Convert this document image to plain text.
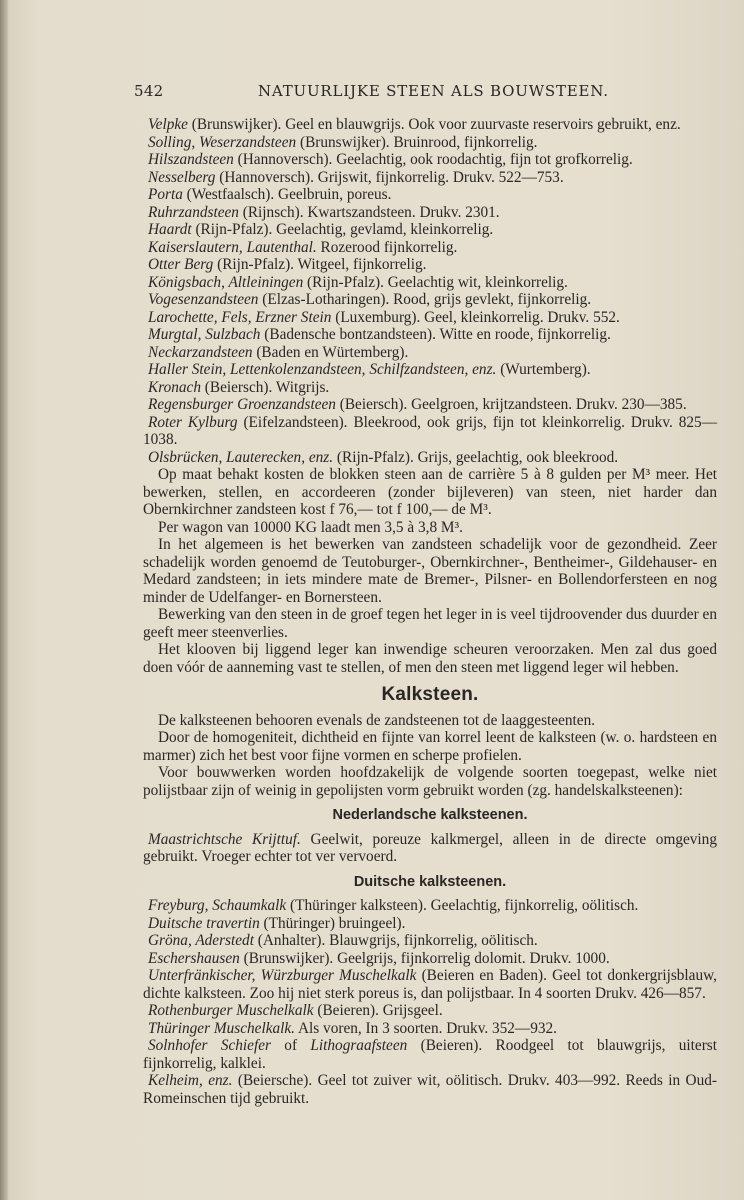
542	NATUURLIJKE STEEN ALS BOUWSTEEN.

Velpke (Brunswijker). Geel en blauwgrijs. Ook voor zuurvaste reservoirs gebruikt, enz.

Solling, Weserzandsteen (Brunswijker). Bruinrood, fijnkorrelig.

Hilszandsteen (Hannoversch). Geelachtig, ook roodachtig, fijn tot grofkorrelig.

Nesselberg (Hannoversch). Grijswit, fijnkorrelig. Drukv. 522—753.

Porta (Westfaalsch). Geelbruin, poreus.

Ruhrzandsteen (Rijnsch). Kwartszandsteen. Drukv. 2301.

Haardt (Rijn-Pfalz). Geelachtig, gevlamd, kleinkorrelig.

Kaiserslautern, Lautenthal. Rozerood fijnkorrelig.

Otter Berg (Rijn-Pfalz). Witgeel, fijnkorrelig.

Königsbach, Altleiningen (Rijn-Pfalz). Geelachtig wit, kleinkorrelig.

Vogesenzandsteen (Elzas-Lotharingen). Rood, grijs gevlekt, fijnkorrelig.

Larochette, Fels, Erzner Stein (Luxemburg). Geel, kleinkorrelig. Drukv. 552.

Murgtal, Sulzbach (Badensche bontzandsteen). Witte en roode, fijnkorrelig.

Neckarzandsteen (Baden en Würtemberg).

Haller Stein, Lettenkolenzandsteen, Schilfzandsteen, enz. (Wurtemberg).

Kronach (Beiersch). Witgrijs.

Regensburger Groenzandsteen (Beiersch). Geelgroen, krijtzandsteen. Drukv. 230—385.

Roter Kylburg (Eifelzandsteen). Bleekrood, ook grijs, fijn tot kleinkorrelig. Drukv. 825—1038.

Olsbrücken, Lauterecken, enz. (Rijn-Pfalz). Grijs, geelachtig, ook bleekrood.

Op maat behakt kosten de blokken steen aan de carrière 5 à 8 gulden per M³ meer. Het bewerken, stellen, en accordeeren (zonder bijleveren) van steen, niet harder dan Obernkirchner zandsteen kost f 76,— tot f 100,— de M³.

Per wagon van 10000 KG laadt men 3,5 à 3,8 M³.

In het algemeen is het bewerken van zandsteen schadelijk voor de gezondheid. Zeer schadelijk worden genoemd de Teutoburger-, Obernkirchner-, Bentheimer-, Gildehauser- en Medard zandsteen; in iets mindere mate de Bremer-, Pilsner- en Bollendorfersteen en nog minder de Udelfanger- en Bornersteen.

Bewerking van den steen in de groef tegen het leger in is veel tijdroovender dus duurder en geeft meer steenverlies.

Het klooven bij liggend leger kan inwendige scheuren veroorzaken. Men zal dus goed doen vóór de aanneming vast te stellen, of men den steen met liggend leger wil hebben.

Kalksteen.

De kalksteenen behooren evenals de zandsteenen tot de laaggesteenten.

Door de homogeniteit, dichtheid en fijnte van korrel leent de kalksteen (w. o. hardsteen en marmer) zich het best voor fijne vormen en scherpe profielen.

Voor bouwwerken worden hoofdzakelijk de volgende soorten toegepast, welke niet polijstbaar zijn of weinig in gepolijsten vorm gebruikt worden (zg. handelskalksteenen):

Nederlandsche kalksteenen.

Maastrichtsche Krijttuf. Geelwit, poreuze kalkmergel, alleen in de directe omgeving gebruikt. Vroeger echter tot ver vervoerd.

Duitsche kalksteenen.

Freyburg, Schaumkalk (Thüringer kalksteen). Geelachtig, fijnkorrelig, oölitisch.

Duitsche travertin (Thüringer) bruingeel).

Gröna, Aderstedt (Anhalter). Blauwgrijs, fijnkorrelig, oölitisch.

Eschershausen (Brunswijker). Geelgrijs, fijnkorrelig dolomit. Drukv. 1000.

Unterfränkischer, Würzburger Muschelkalk (Beieren en Baden). Geel tot donkergrijsblauw, dichte kalksteen. Zoo hij niet sterk poreus is, dan polijstbaar. In 4 soorten Drukv. 426—857.

Rothenburger Muschelkalk (Beieren). Grijsgeel.

Thüringer Muschelkalk. Als voren, In 3 soorten. Drukv. 352—932.

Solnhofer Schiefer of Lithograafsteen (Beieren). Roodgeel tot blauwgrijs, uiterst fijnkorrelig, kalklei.

Kelheim, enz. (Beiersche). Geel tot zuiver wit, oölitisch. Drukv. 403—992. Reeds in Oud-Romeinschen tijd gebruikt.
